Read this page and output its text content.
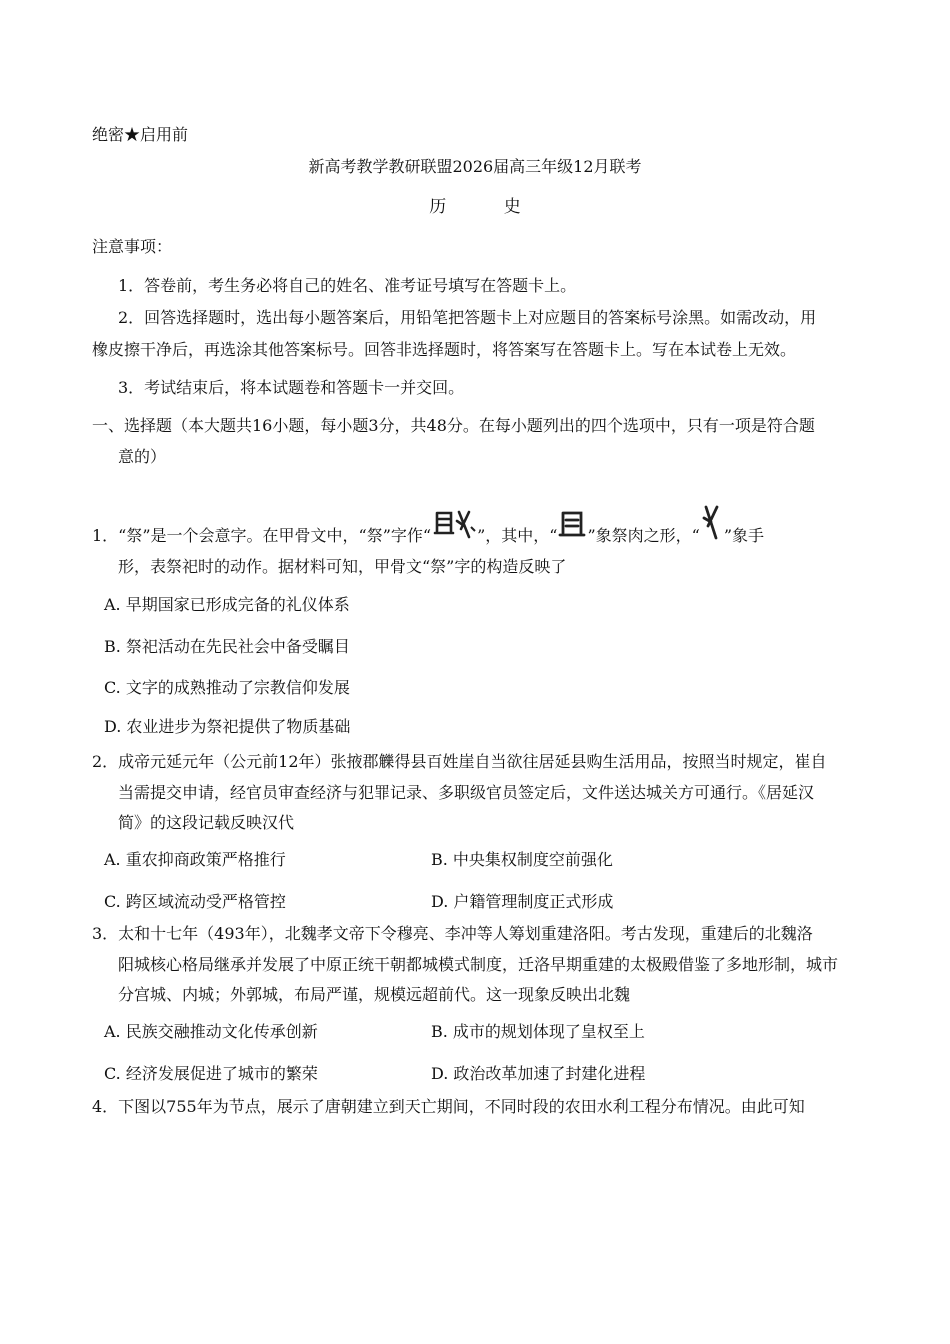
绝密★启用前
新高考教学教研联盟2026届高三年级12月联考
历 史
注意事项：
1．答卷前，考生务必将自己的姓名、准考证号填写在答题卡上。
2．回答选择题时，选出每小题答案后，用铅笔把答题卡上对应题目的答案标号涂黑。如需改动，用
橡皮擦干净后，再选涂其他答案标号。回答非选择题时，将答案写在答题卡上。写在本试卷上无效。
3．考试结束后，将本试题卷和答题卡一并交回。
一、选择题（本大题共16小题，每小题3分，共48分。在每小题列出的四个选项中，只有一项是符合题
意的）
1．“祭”是一个会意字。在甲骨文中，“祭”字作“	”，其中，“ ”象祭肉之形，“ ”象手
形，表祭祀时的动作。据材料可知，甲骨文“祭”字的构造反映了
A. 早期国家已形成完备的礼仪体系
B. 祭祀活动在先民社会中备受瞩目
C. 文字的成熟推动了宗教信仰发展
D. 农业进步为祭祀提供了物质基础
2．成帝元延元年（公元前12年）张掖郡觻得县百姓崖自当欲往居延县购生活用品，按照当时规定，崔自
当需提交申请，经官员审查经济与犯罪记录、多职级官员签定后，文件送达城关方可通行。《居延汉
简》的这段记载反映汉代
A. 重农抑商政策严格推行	B. 中央集权制度空前强化
C. 跨区域流动受严格管控	D. 户籍管理制度正式形成
3．太和十七年（493年），北魏孝文帝下令穆亮、李冲等人筹划重建洛阳。考古发现，重建后的北魏洛
阳城核心格局继承并发展了中原正统干朝都城模式制度，迁洛早期重建的太极殿借鉴了多地形制，城市
分宫城、内城；外郭城，布局严谨，规模远超前代。这一现象反映出北魏
A. 民族交融推动文化传承创新	B. 成市的规划体现了皇权至上
C. 经济发展促进了城市的繁荣	D. 政治改革加速了封建化进程
4．下图以755年为节点，展示了唐朝建立到天亡期间，不同时段的农田水利工程分布情况。由此可知
